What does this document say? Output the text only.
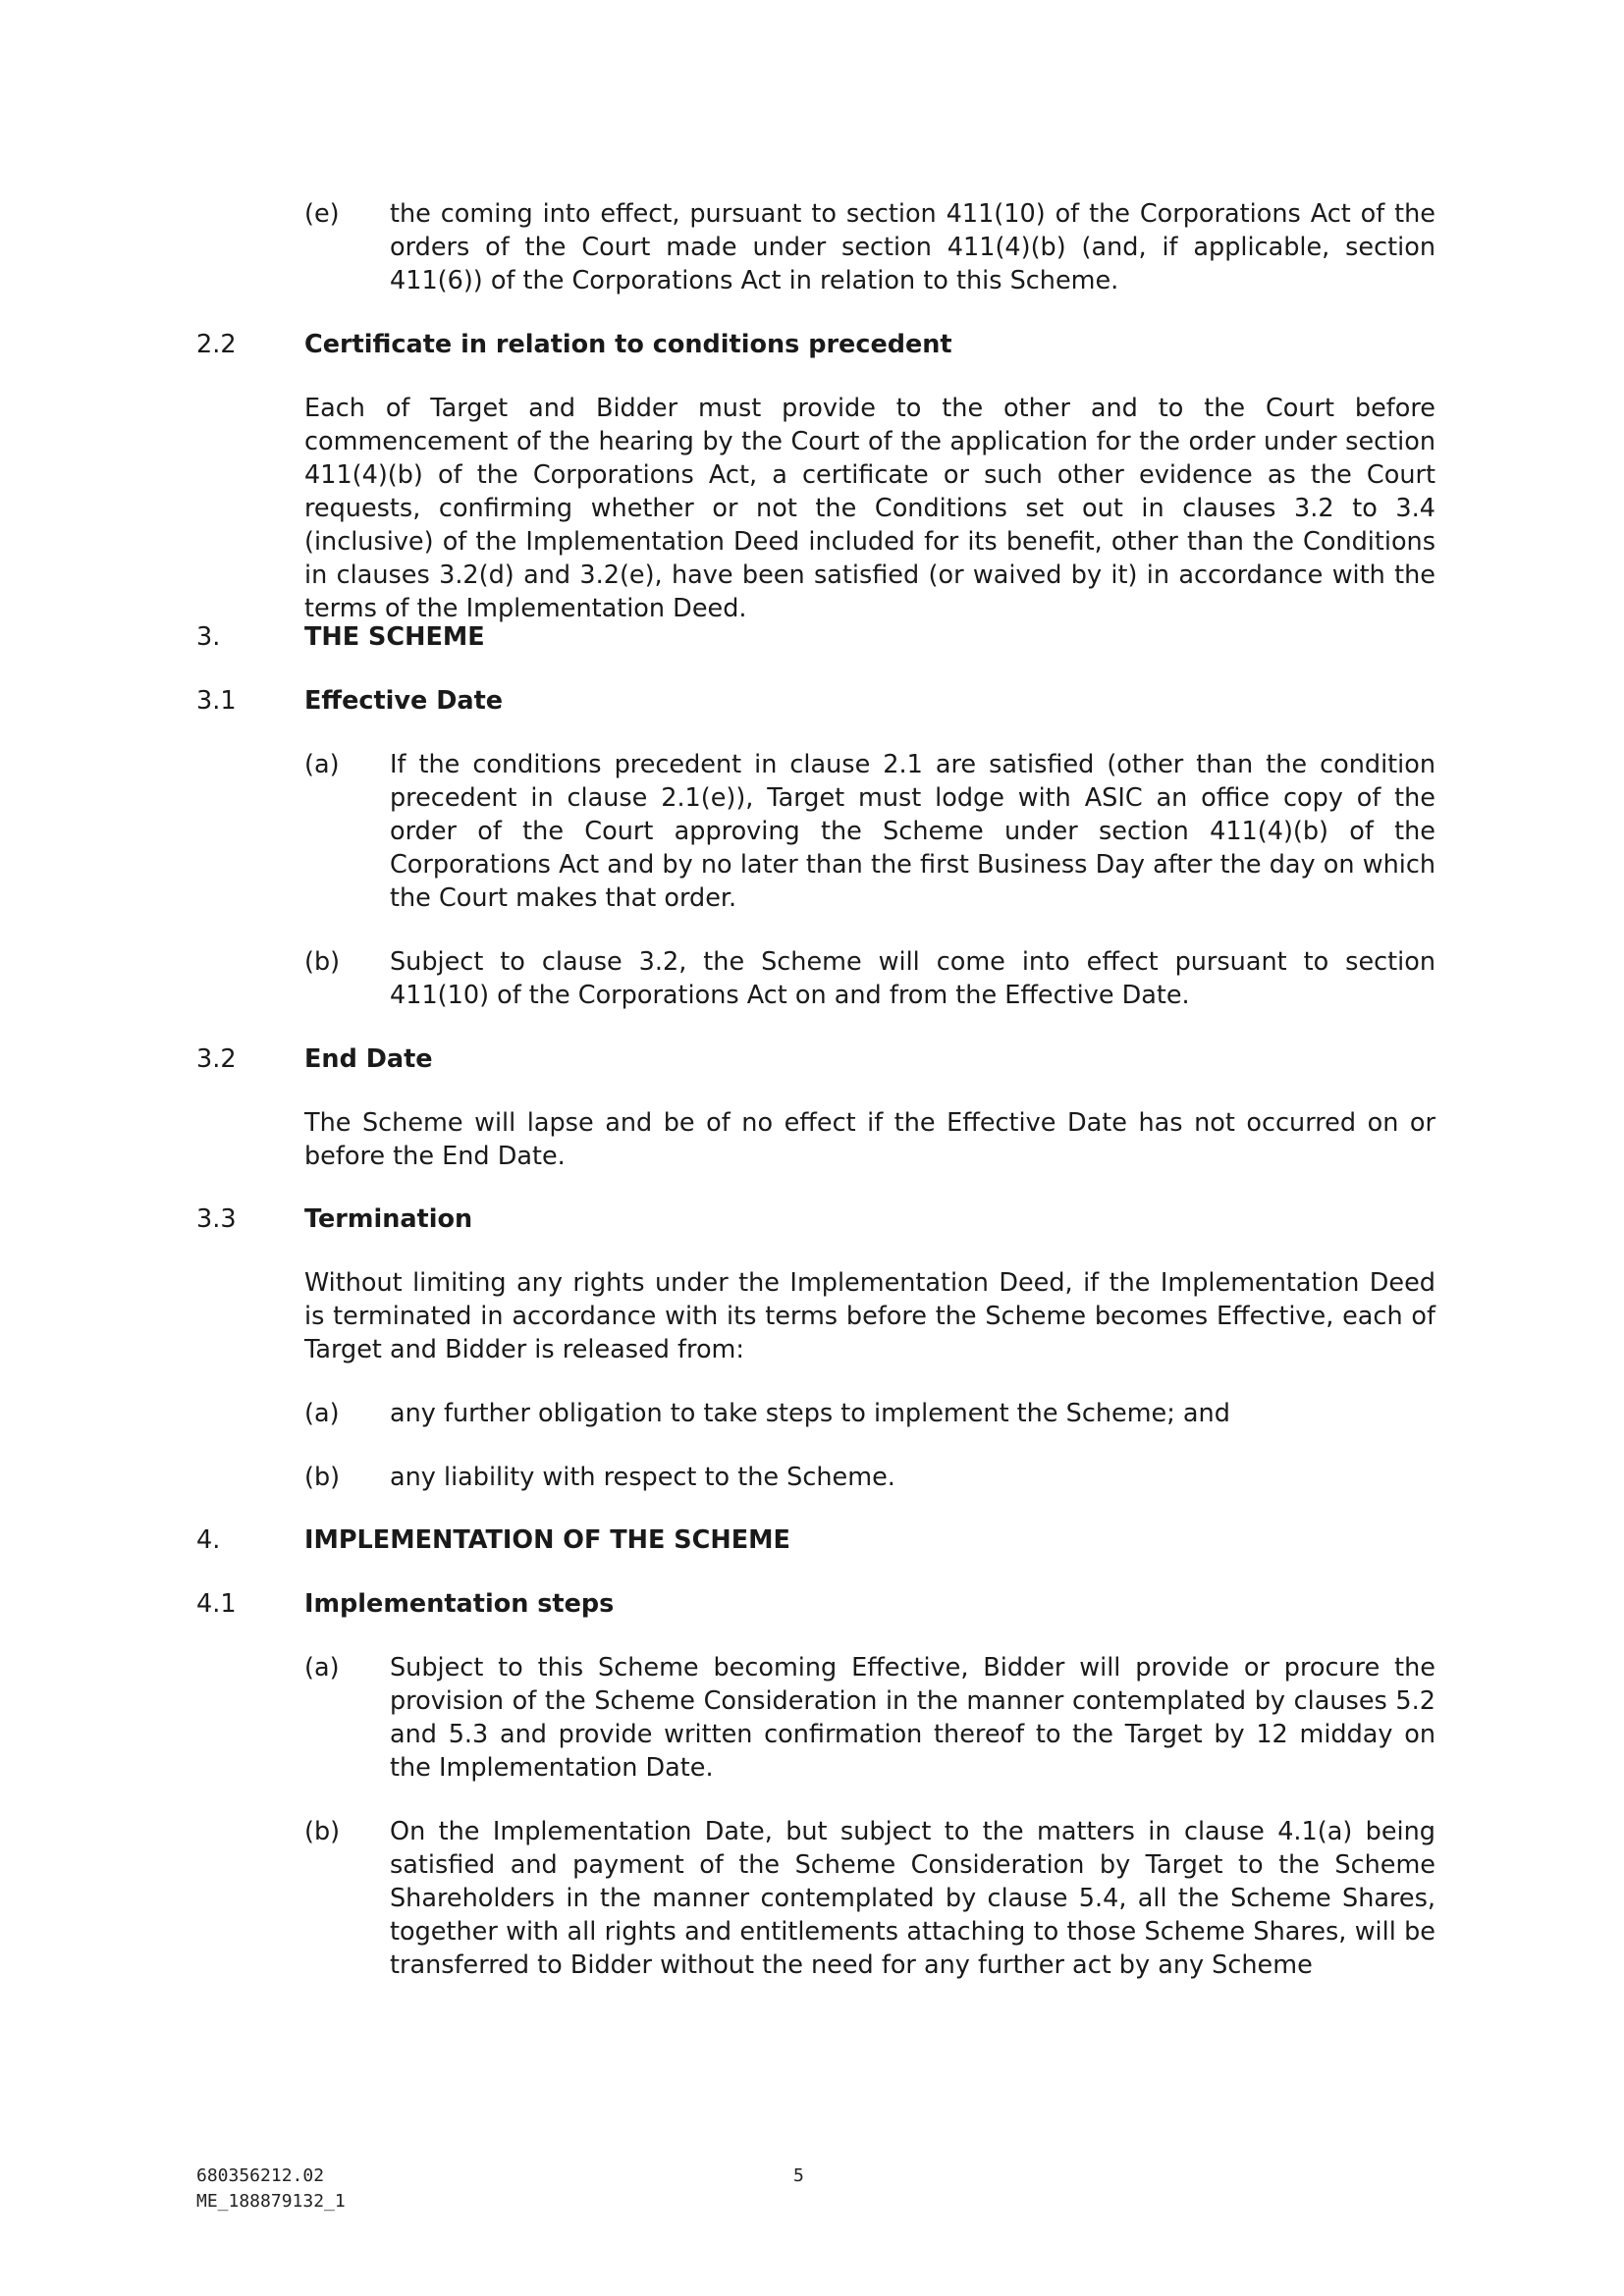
(e) the coming into effect, pursuant to section 411(10) of the Corporations Act of the orders of the Court made under section 411(4)(b) (and, if applicable, section 411(6)) of the Corporations Act in relation to this Scheme.
2.2	Certificate in relation to conditions precedent
Each of Target and Bidder must provide to the other and to the Court before commencement of the hearing by the Court of the application for the order under section 411(4)(b) of the Corporations Act, a certificate or such other evidence as the Court requests, confirming whether or not the Conditions set out in clauses 3.2 to 3.4 (inclusive) of the Implementation Deed included for its benefit, other than the Conditions in clauses 3.2(d) and 3.2(e), have been satisfied (or waived by it) in accordance with the terms of the Implementation Deed.
3.	THE SCHEME
3.1	Effective Date
(a) If the conditions precedent in clause 2.1 are satisfied (other than the condition precedent in clause 2.1(e)), Target must lodge with ASIC an office copy of the order of the Court approving the Scheme under section 411(4)(b) of the Corporations Act and by no later than the first Business Day after the day on which the Court makes that order.
(b) Subject to clause 3.2, the Scheme will come into effect pursuant to section 411(10) of the Corporations Act on and from the Effective Date.
3.2	End Date
The Scheme will lapse and be of no effect if the Effective Date has not occurred on or before the End Date.
3.3	Termination
Without limiting any rights under the Implementation Deed, if the Implementation Deed is terminated in accordance with its terms before the Scheme becomes Effective, each of Target and Bidder is released from:
(a) any further obligation to take steps to implement the Scheme; and
(b) any liability with respect to the Scheme.
4.	IMPLEMENTATION OF THE SCHEME
4.1	Implementation steps
(a) Subject to this Scheme becoming Effective, Bidder will provide or procure the provision of the Scheme Consideration in the manner contemplated by clauses 5.2 and 5.3 and provide written confirmation thereof to the Target by 12 midday on the Implementation Date.
(b) On the Implementation Date, but subject to the matters in clause 4.1(a) being satisfied and payment of the Scheme Consideration by Target to the Scheme Shareholders in the manner contemplated by clause 5.4, all the Scheme Shares, together with all rights and entitlements attaching to those Scheme Shares, will be transferred to Bidder without the need for any further act by any Scheme
680356212.02
ME_188879132_1
5
